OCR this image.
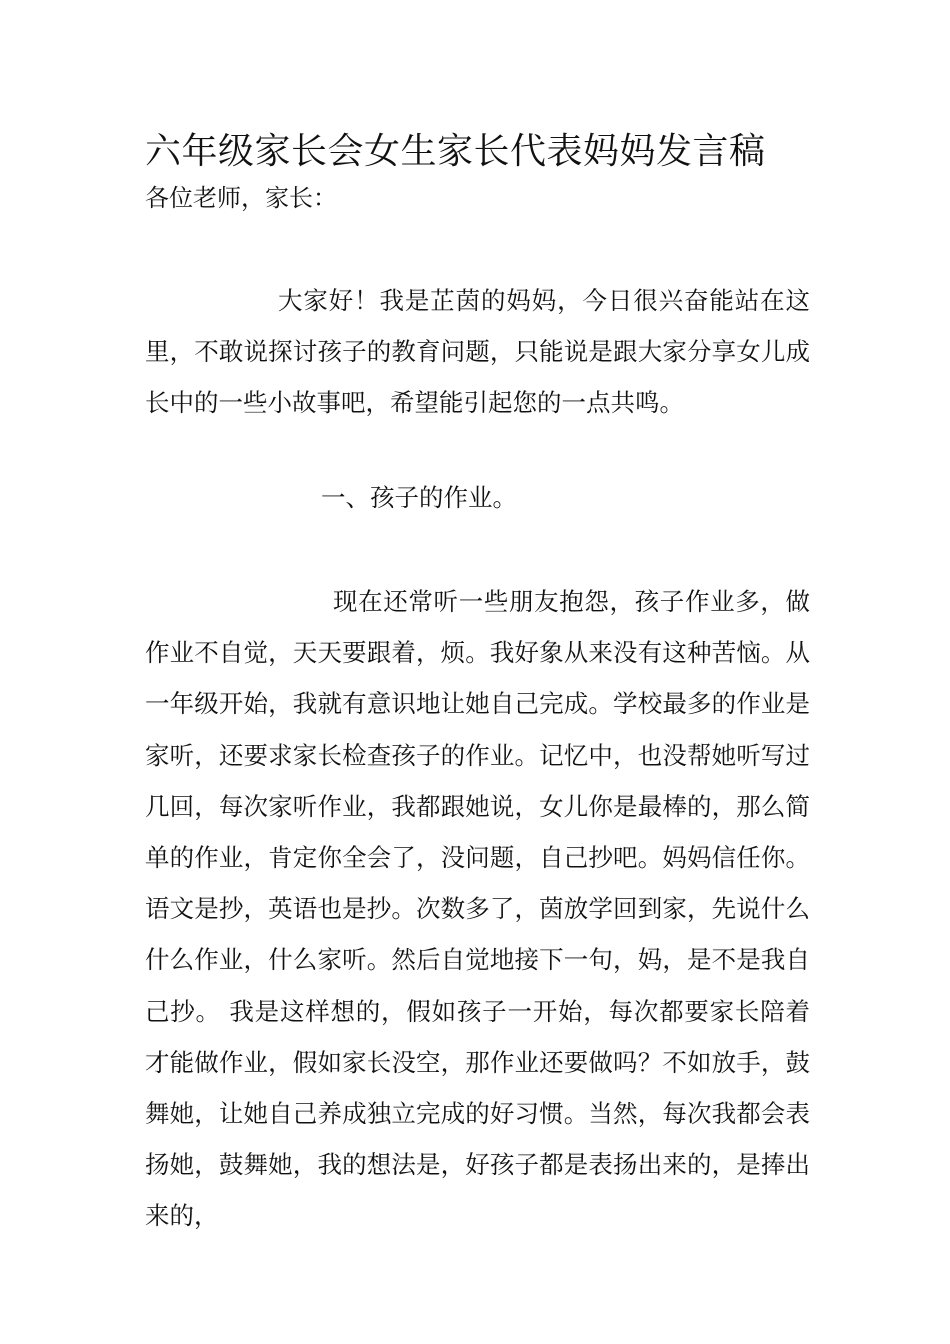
六年级家长会女生家长代表妈妈发言稿
各位老师，家长：

大家好！我是芷茵的妈妈，今日很兴奋能站在这里，不敢说探讨孩子的教育问题，只能说是跟大家分享女儿成长中的一些小故事吧，希望能引起您的一点共鸣。

一、孩子的作业。

现在还常听一些朋友抱怨，孩子作业多，做作业不自觉，天天要跟着，烦。我好象从来没有这种苦恼。从一年级开始，我就有意识地让她自己完成。学校最多的作业是家听，还要求家长检查孩子的作业。记忆中，也没帮她听写过几回，每次家听作业，我都跟她说，女儿你是最棒的，那么简单的作业，肯定你全会了，没问题，自己抄吧。妈妈信任你。语文是抄，英语也是抄。次数多了，茵放学回到家，先说什么什么作业，什么家听。然后自觉地接下一句，妈，是不是我自己抄。 我是这样想的，假如孩子一开始，每次都要家长陪着才能做作业，假如家长没空，那作业还要做吗？不如放手，鼓舞她，让她自己养成独立完成的好习惯。当然，每次我都会表扬她，鼓舞她，我的想法是，好孩子都是表扬出来的，是捧出来的，
